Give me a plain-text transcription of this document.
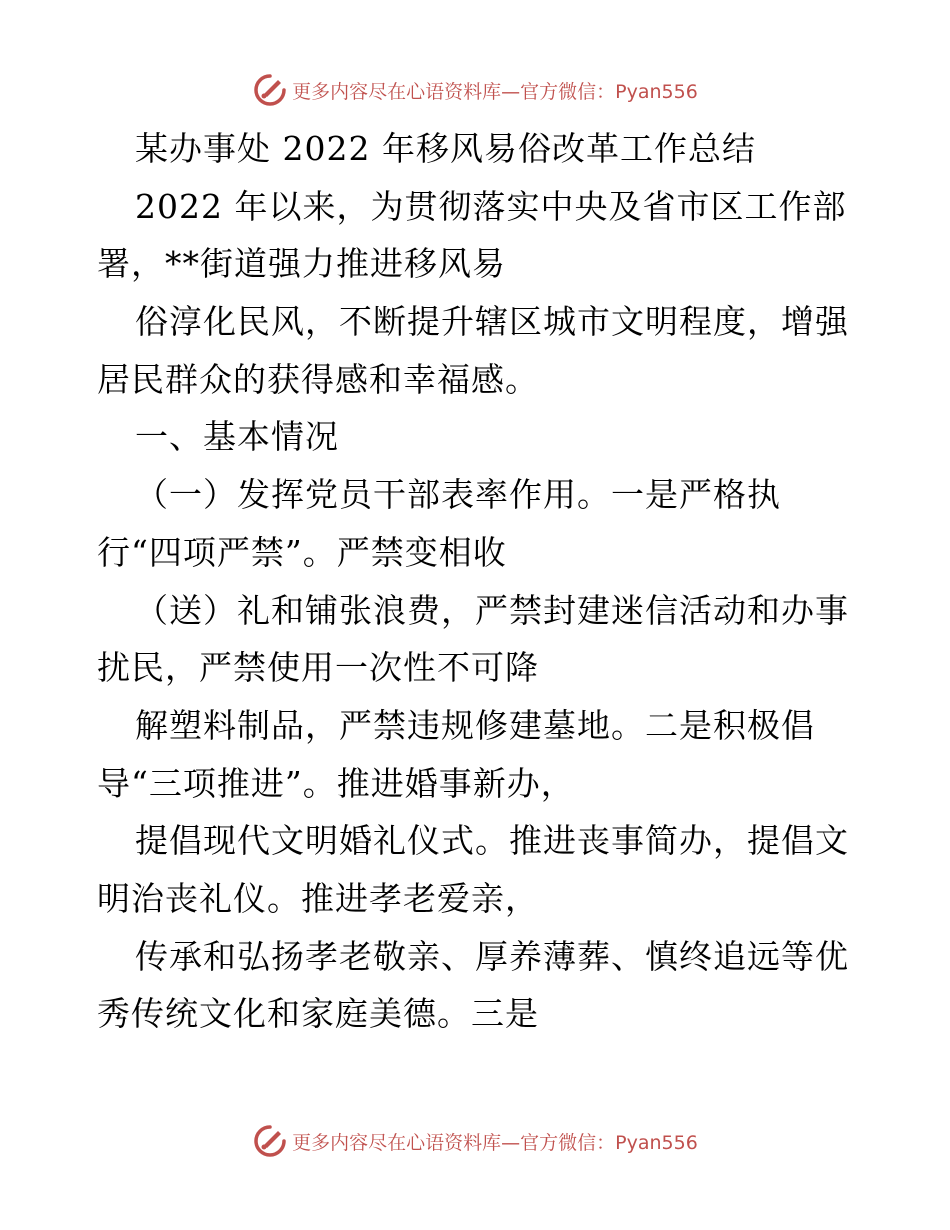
更多内容尽在心语资料库—官方微信：Pyan556
某办事处 2022 年移风易俗改革工作总结
2022 年以来，为贯彻落实中央及省市区工作部
署，**街道强力推进移风易
俗淳化民风，不断提升辖区城市文明程度，增强
居民群众的获得感和幸福感。
一、基本情况
（一）发挥党员干部表率作用。一是严格执
行“四项严禁”。严禁变相收
（送）礼和铺张浪费，严禁封建迷信活动和办事
扰民，严禁使用一次性不可降
解塑料制品，严禁违规修建墓地。二是积极倡
导“三项推进”。推进婚事新办，
提倡现代文明婚礼仪式。推进丧事简办，提倡文
明治丧礼仪。推进孝老爱亲，
传承和弘扬孝老敬亲、厚养薄葬、慎终追远等优
秀传统文化和家庭美德。三是
更多内容尽在心语资料库—官方微信：Pyan556
